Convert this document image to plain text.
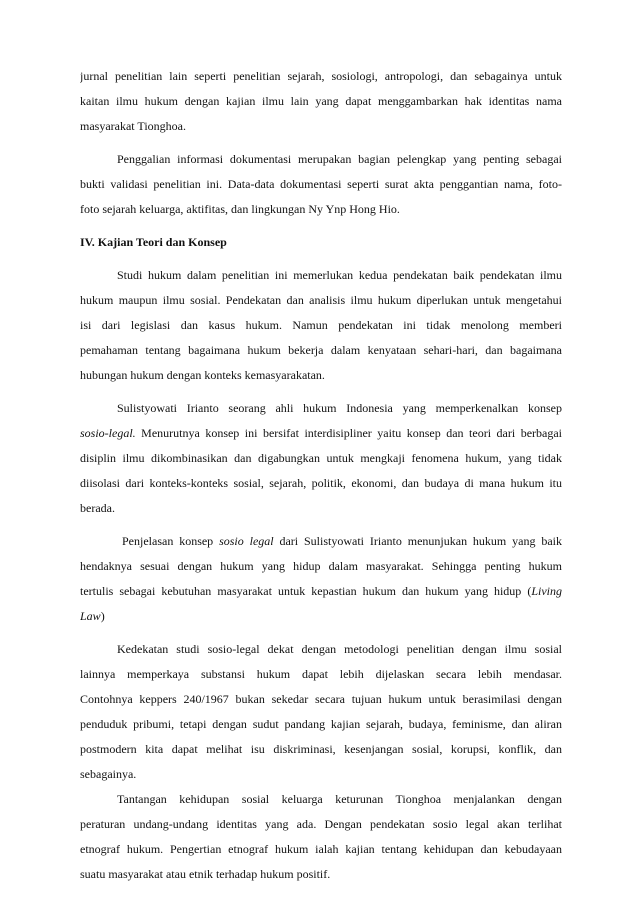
jurnal penelitian lain seperti penelitian sejarah, sosiologi, antropologi, dan sebagainya untuk
kaitan ilmu hukum dengan kajian ilmu lain yang dapat menggambarkan hak identitas nama
masyarakat Tionghoa.
Penggalian informasi dokumentasi merupakan bagian pelengkap yang penting sebagai
bukti validasi penelitian ini. Data-data dokumentasi seperti surat akta penggantian nama, foto-
foto sejarah keluarga, aktifitas, dan lingkungan Ny Ynp Hong Hio.
IV. Kajian Teori dan Konsep
Studi hukum dalam penelitian ini memerlukan kedua pendekatan baik pendekatan ilmu
hukum maupun ilmu sosial. Pendekatan dan analisis ilmu hukum diperlukan untuk mengetahui
isi dari legislasi dan kasus hukum. Namun pendekatan ini tidak menolong memberi
pemahaman tentang bagaimana hukum bekerja dalam kenyataan sehari-hari, dan bagaimana
hubungan hukum dengan konteks kemasyarakatan.
Sulistyowati Irianto seorang ahli hukum Indonesia yang memperkenalkan konsep
sosio-legal. Menurutnya konsep ini bersifat interdisipliner yaitu konsep dan teori dari berbagai
disiplin ilmu dikombinasikan dan digabungkan untuk mengkaji fenomena hukum, yang tidak
diisolasi dari konteks-konteks sosial, sejarah, politik, ekonomi, dan budaya di mana hukum itu
berada.
Penjelasan konsep sosio legal dari Sulistyowati Irianto menunjukan hukum yang baik
hendaknya sesuai dengan hukum yang hidup dalam masyarakat. Sehingga penting hukum
tertulis sebagai kebutuhan masyarakat untuk kepastian hukum dan hukum yang hidup (Living
Law)
Kedekatan studi sosio-legal dekat dengan metodologi penelitian dengan ilmu sosial
lainnya memperkaya substansi hukum dapat lebih dijelaskan secara lebih mendasar.
Contohnya keppers 240/1967 bukan sekedar secara tujuan hukum untuk berasimilasi dengan
penduduk pribumi, tetapi dengan sudut pandang kajian sejarah, budaya, feminisme, dan aliran
postmodern kita dapat melihat isu diskriminasi, kesenjangan sosial, korupsi, konflik, dan
sebagainya.
Tantangan kehidupan sosial keluarga keturunan Tionghoa menjalankan dengan
peraturan undang-undang identitas yang ada. Dengan pendekatan sosio legal akan terlihat
etnograf hukum. Pengertian etnograf hukum ialah kajian tentang kehidupan dan kebudayaan
suatu masyarakat atau etnik terhadap hukum positif.
